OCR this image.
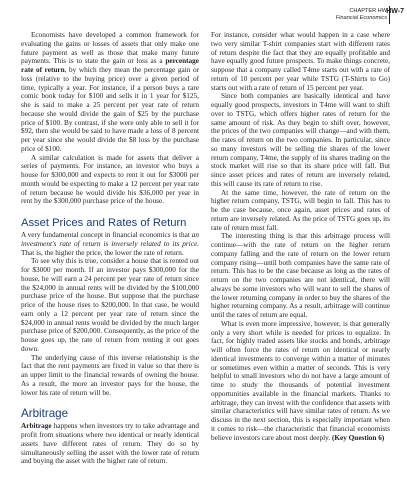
CHAPTER HW
Financial Economics
HW-7

Economists have developed a common framework for evaluating the gains or losses of assets that only make one future payment as well as those that make many future payments. This is to state the gain or loss as a percentage rate of return, by which they mean the percentage gain or loss (relative to the buying price) over a given period of time, typically a year. For instance, if a person buys a rare comic book today for $100 and sells it in 1 year for $125, she is said to make a 25 percent per year rate of return because she would divide the gain of $25 by the purchase price of $100. By contrast, if she were only able to sell it for $92, then she would be said to have made a loss of 8 percent per year since she would divide the $8 loss by the purchase price of $100.

A similar calculation is made for assets that deliver a series of payments. For instance, an investor who buys a house for $300,000 and expects to rent it out for $3000 per month would be expecting to make a 12 percent per year rate of return because he would divide his $36,000 per year in rent by the $300,000 purchase price of the house.

Asset Prices and Rates of Return

A very fundamental concept in financial economics is that an investment's rate of return is inversely related to its price. That is, the higher the price, the lower the rate of return.

To see why this is true, consider a house that is rented out for $3000 per month. If an investor pays $300,000 for the house, he will earn a 24 percent per year rate of return since the $24,000 in annual rents will be divided by the $100,000 purchase price of the house. But suppose that the purchase price of the house rises to $200,000. In that case, he would earn only a 12 percent per year rate of return since the $24,000 in annual rents would be divided by the much larger purchase price of $200,000. Consequently, as the price of the house goes up, the rate of return from renting it out goes down.

The underlying cause of this inverse relationship is the fact that the rent payments are fixed in value so that there is an upper limit to the financial rewards of owning the house. As a result, the more an investor pays for the house, the lower his rate of return will be.

Arbitrage

Arbitrage happens when investors try to take advantage and profit from situations where two identical or nearly identical assets have different rates of return. They do so by simultaneously selling the asset with the lower rate of return and buying the asset with the higher rate of return.

For instance, consider what would happen in a case where two very similar T-shirt companies start with different rates of return despite the fact that they are equally profitable and have equally good future prospects. To make things concrete, suppose that a company called T4me starts out with a rate of return of 10 percent per year while TSTG (T-Shirts to Go) starts out with a rate of return of 15 percent per year.

Since both companies are basically identical and have equally good prospects, investors in T4me will want to shift over to TSTG, which offers higher rates of return for the same amount of risk. As they begin to shift over, however, the prices of the two companies will change—and with them, the rates of return on the two companies. In particular, since so many investors will be selling the shares of the lower return company, T4me, the supply of its shares trading on the stock market will rise so that its share price will fall. But since asset prices and rates of return are inversely related, this will cause its rate of return to rise.

At the same time, however, the rate of return on the higher return company, TSTG, will begin to fall. This has to be the case because, once again, asset prices and rates of return are inversely related. As the price of TSTG goes up, its rate of return must fall.

The interesting thing is that this arbitrage process will continue—with the rate of return on the higher return company falling and the rate of return on the lower return company rising—until both companies have the same rate of return. This has to be the case because as long as the rates of return on the two companies are not identical, there will always be some investors who will want to sell the shares of the lower returning company in order to buy the shares of the higher returning company. As a result, arbitrage will continue until the rates of return are equal.

What is even more impressive, however, is that generally only a very short while is needed for prices to equalize. In fact, for highly traded assets like stocks and bonds, arbitrage will often force the rates of return on identical or nearly identical investments to converge within a matter of minutes or sometimes even within a matter of seconds. This is very helpful to small investors who do not have a large amount of time to study the thousands of potential investment opportunities available in the financial markets. Thanks to arbitrage, they can invest with the confidence that assets with similar characteristics will have similar rates of return. As we discuss in the next section, this is especially important when it comes to risk—the characteristic that financial economists believe investors care about most deeply. (Key Question 6)
